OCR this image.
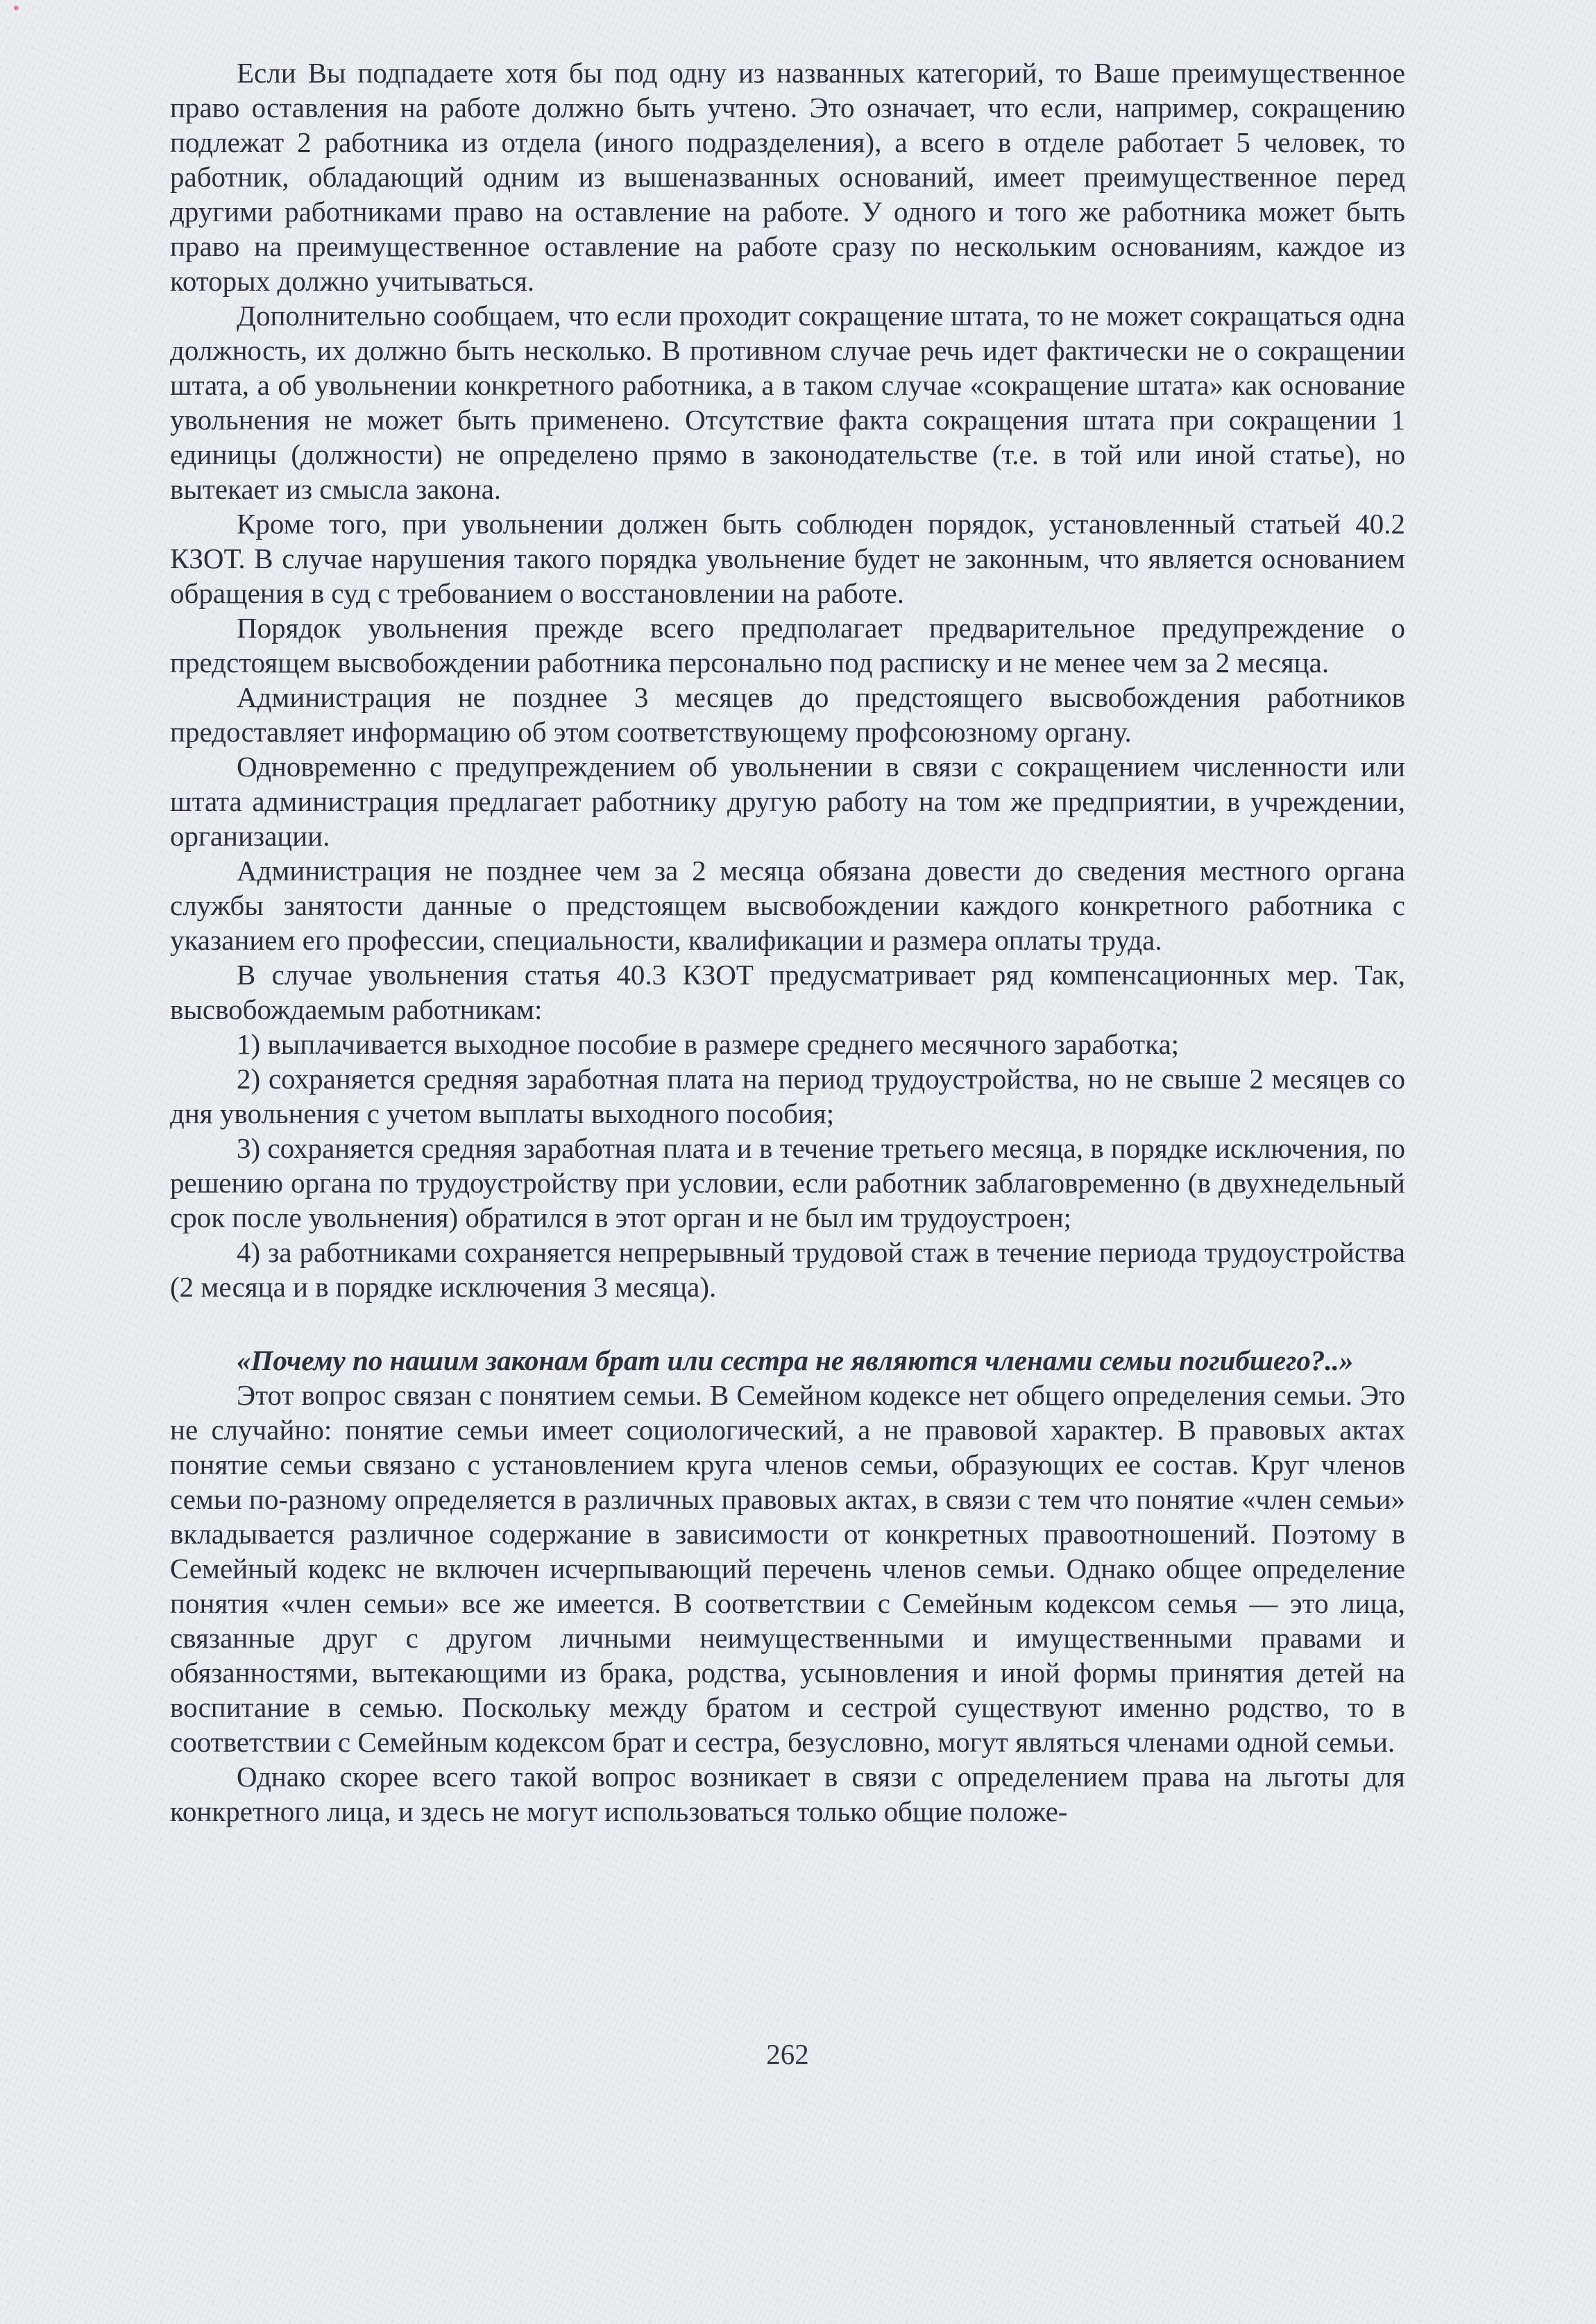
Если Вы подпадаете хотя бы под одну из названных категорий, то Ваше преимущественное право оставления на работе должно быть учтено. Это означает, что если, например, сокращению подлежат 2 работника из отдела (иного подразделения), а всего в отделе работает 5 человек, то работник, обладающий одним из вышеназванных оснований, имеет преимущественное перед другими работниками право на оставление на работе. У одного и того же работника может быть право на преимущественное оставление на работе сразу по нескольким основаниям, каждое из которых должно учитываться.

Дополнительно сообщаем, что если проходит сокращение штата, то не может сокращаться одна должность, их должно быть несколько. В противном случае речь идет фактически не о сокращении штата, а об увольнении конкретного работника, а в таком случае «сокращение штата» как основание увольнения не может быть применено. Отсутствие факта сокращения штата при сокращении 1 единицы (должности) не определено прямо в законодательстве (т.е. в той или иной статье), но вытекает из смысла закона.

Кроме того, при увольнении должен быть соблюден порядок, установленный статьей 40.2 КЗОТ. В случае нарушения такого порядка увольнение будет не законным, что является основанием обращения в суд с требованием о восстановлении на работе.

Порядок увольнения прежде всего предполагает предварительное предупреждение о предстоящем высвобождении работника персонально под расписку и не менее чем за 2 месяца.

Администрация не позднее 3 месяцев до предстоящего высвобождения работников предоставляет информацию об этом соответствующему профсоюзному органу.

Одновременно с предупреждением об увольнении в связи с сокращением численности или штата администрация предлагает работнику другую работу на том же предприятии, в учреждении, организации.

Администрация не позднее чем за 2 месяца обязана довести до сведения местного органа службы занятости данные о предстоящем высвобождении каждого конкретного работника с указанием его профессии, специальности, квалификации и размера оплаты труда.

В случае увольнения статья 40.3 КЗОТ предусматривает ряд компенсационных мер. Так, высвобождаемым работникам:

1) выплачивается выходное пособие в размере среднего месячного заработка;

2) сохраняется средняя заработная плата на период трудоустройства, но не свыше 2 месяцев со дня увольнения с учетом выплаты выходного пособия;

3) сохраняется средняя заработная плата и в течение третьего месяца, в порядке исключения, по решению органа по трудоустройству при условии, если работник заблаговременно (в двухнедельный срок после увольнения) обратился в этот орган и не был им трудоустроен;

4) за работниками сохраняется непрерывный трудовой стаж в течение периода трудоустройства (2 месяца и в порядке исключения 3 месяца).

«Почему по нашим законам брат или сестра не являются членами семьи погибшего?..»

Этот вопрос связан с понятием семьи. В Семейном кодексе нет общего определения семьи. Это не случайно: понятие семьи имеет социологический, а не правовой характер. В правовых актах понятие семьи связано с установлением круга членов семьи, образующих ее состав. Круг членов семьи по-разному определяется в различных правовых актах, в связи с тем что понятие «член семьи» вкладывается различное содержание в зависимости от конкретных правоотношений. Поэтому в Семейный кодекс не включен исчерпывающий перечень членов семьи. Однако общее определение понятия «член семьи» все же имеется. В соответствии с Семейным кодексом семья — это лица, связанные друг с другом личными неимущественными и имущественными правами и обязанностями, вытекающими из брака, родства, усыновления и иной формы принятия детей на воспитание в семью. Поскольку между братом и сестрой существуют именно родство, то в соответствии с Семейным кодексом брат и сестра, безусловно, могут являться членами одной семьи.

Однако скорее всего такой вопрос возникает в связи с определением права на льготы для конкретного лица, и здесь не могут использоваться только общие положе-

262
